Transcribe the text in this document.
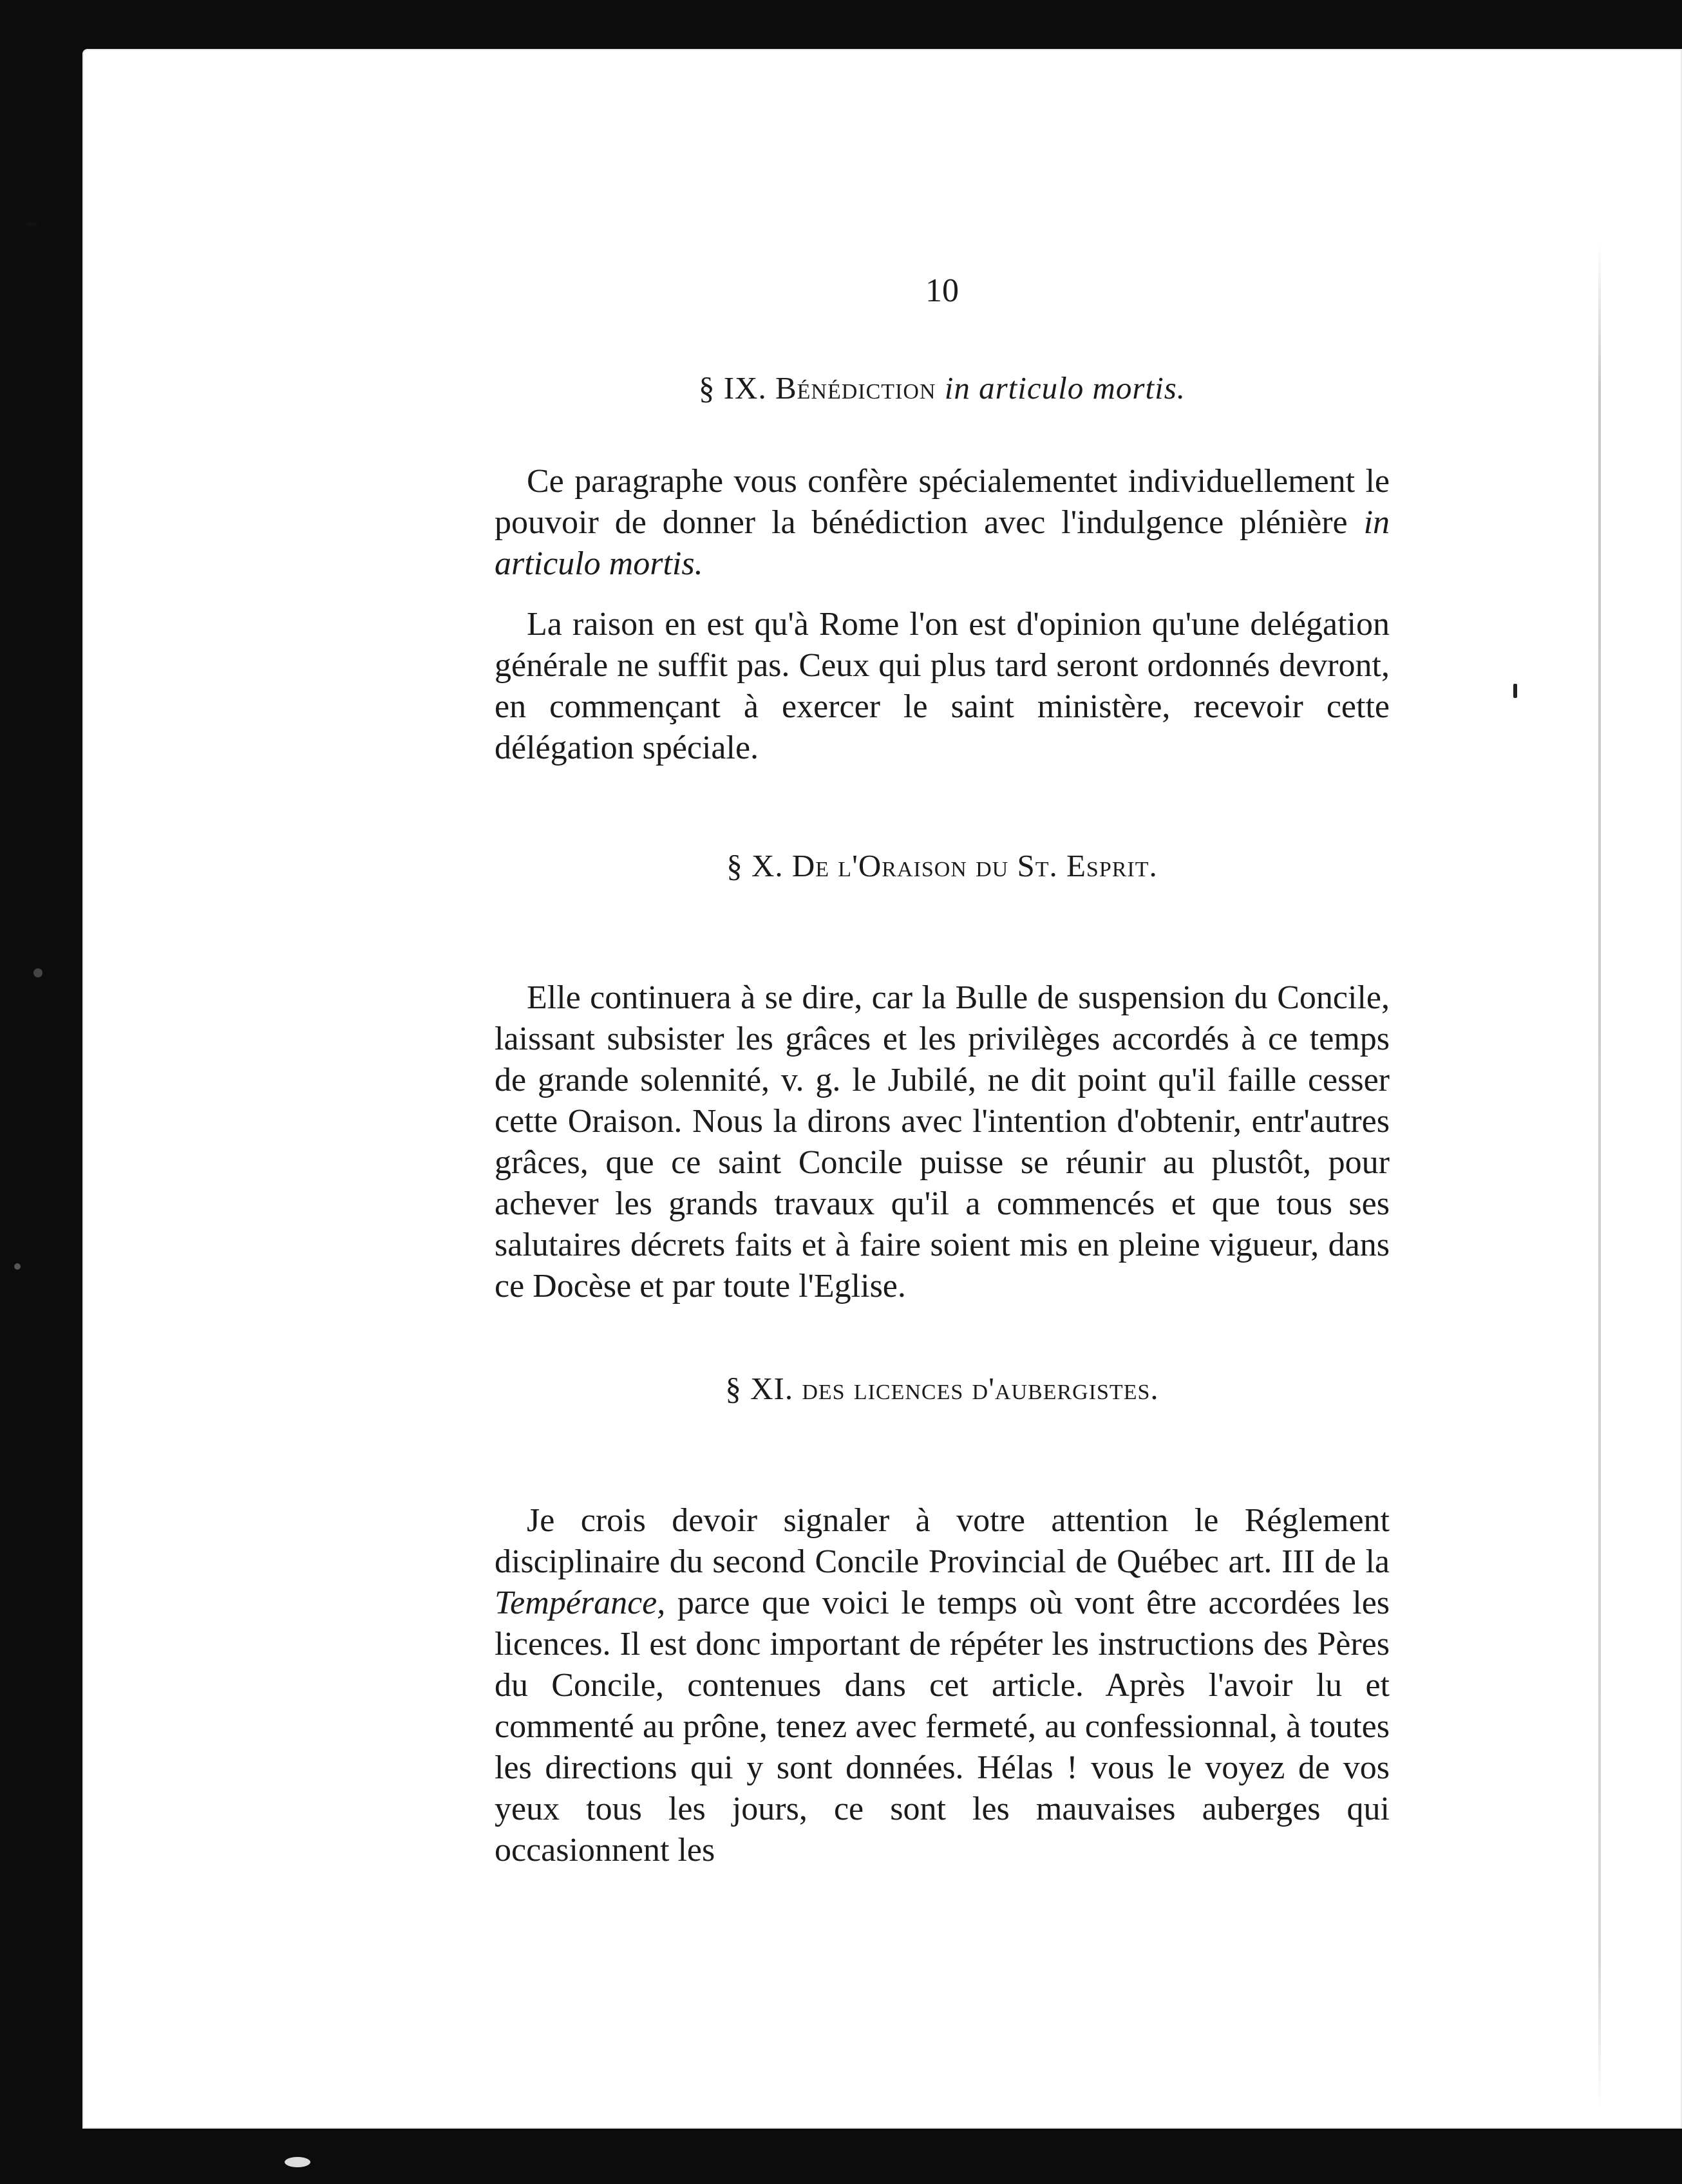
10
§ IX. Bénédiction in articulo mortis.

Ce paragraphe vous confère spécialementet individuellement le pouvoir de donner la bénédiction avec l'indulgence plénière in articulo mortis.

La raison en est qu'à Rome l'on est d'opinion qu'une delégation générale ne suffit pas. Ceux qui plus tard seront ordonnés devront, en commençant à exercer le saint ministère, recevoir cette délégation spéciale.

§ X. De l'Oraison du St. Esprit.

Elle continuera à se dire, car la Bulle de suspension du Concile, laissant subsister les grâces et les privilèges accordés à ce temps de grande solennité, v. g. le Jubilé, ne dit point qu'il faille cesser cette Oraison. Nous la dirons avec l'intention d'obtenir, entr'autres grâces, que ce saint Concile puisse se réunir au plustôt, pour achever les grands travaux qu'il a commencés et que tous ses salutaires décrets faits et à faire soient mis en pleine vigueur, dans ce Docèse et par toute l'Eglise.

§ XI. des licences d'aubergistes.

Je crois devoir signaler à votre attention le Réglement disciplinaire du second Concile Provincial de Québec art. III de la Tempérance, parce que voici le temps où vont être accordées les licences. Il est donc important de répéter les instructions des Pères du Concile, contenues dans cet article. Après l'avoir lu et commenté au prône, tenez avec fermeté, au confessionnal, à toutes les directions qui y sont données. Hélas ! vous le voyez de vos yeux tous les jours, ce sont les mauvaises auberges qui occasionnent les
